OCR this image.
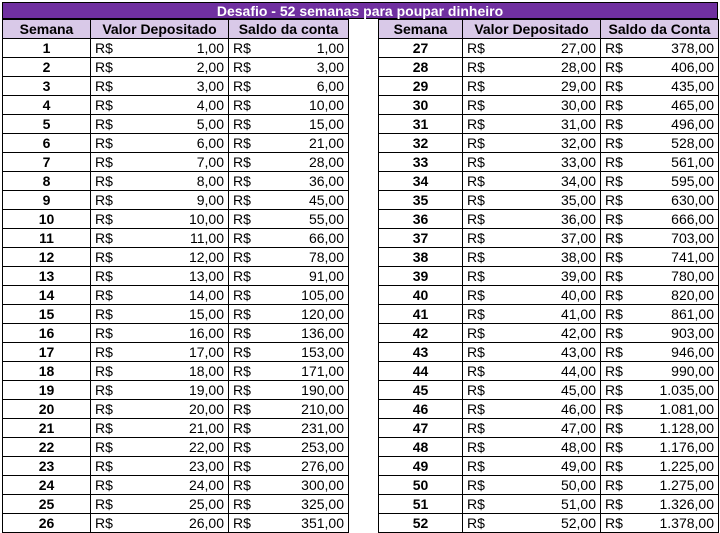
Desafio - 52 semanas para poupar dinheiro
Semana	Valor Depositado	Saldo da conta
1	R$ 1,00	R$ 1,00

2	R$ 2,00	R$ 3,00

3	R$ 3,00	R$ 6,00

4	R$ 4,00	R$ 10,00

5	R$ 5,00	R$ 15,00

6	R$ 6,00	R$ 21,00

7	R$ 7,00	R$ 28,00

8	R$ 8,00	R$ 36,00

9	R$ 9,00	R$ 45,00

10	R$ 10,00	R$ 55,00

11	R$ 11,00	R$ 66,00

12	R$ 12,00	R$ 78,00

13	R$ 13,00	R$ 91,00

14	R$ 14,00	R$ 105,00

15	R$ 15,00	R$ 120,00

16	R$ 16,00	R$ 136,00

17	R$ 17,00	R$ 153,00

18	R$ 18,00	R$ 171,00

19	R$ 19,00	R$ 190,00

20	R$ 20,00	R$ 210,00

21	R$ 21,00	R$ 231,00

22	R$ 22,00	R$ 253,00

23	R$ 23,00	R$ 276,00

24	R$ 24,00	R$ 300,00

25	R$ 25,00	R$ 325,00

26	R$ 26,00	R$ 351,00
Semana	Valor Depositado	Saldo da Conta
27	R$ 27,00	R$ 378,00

28	R$ 28,00	R$ 406,00

29	R$ 29,00	R$ 435,00

30	R$ 30,00	R$ 465,00

31	R$ 31,00	R$ 496,00

32	R$ 32,00	R$ 528,00

33	R$ 33,00	R$ 561,00

34	R$ 34,00	R$ 595,00

35	R$ 35,00	R$ 630,00

36	R$ 36,00	R$ 666,00

37	R$ 37,00	R$ 703,00

38	R$ 38,00	R$ 741,00

39	R$ 39,00	R$ 780,00

40	R$ 40,00	R$ 820,00

41	R$ 41,00	R$ 861,00

42	R$ 42,00	R$ 903,00

43	R$ 43,00	R$ 946,00

44	R$ 44,00	R$ 990,00

45	R$ 45,00	R$ 1.035,00

46	R$ 46,00	R$ 1.081,00

47	R$ 47,00	R$ 1.128,00

48	R$ 48,00	R$ 1.176,00

49	R$ 49,00	R$ 1.225,00

50	R$ 50,00	R$ 1.275,00

51	R$ 51,00	R$ 1.326,00

52	R$ 52,00	R$ 1.378,00
